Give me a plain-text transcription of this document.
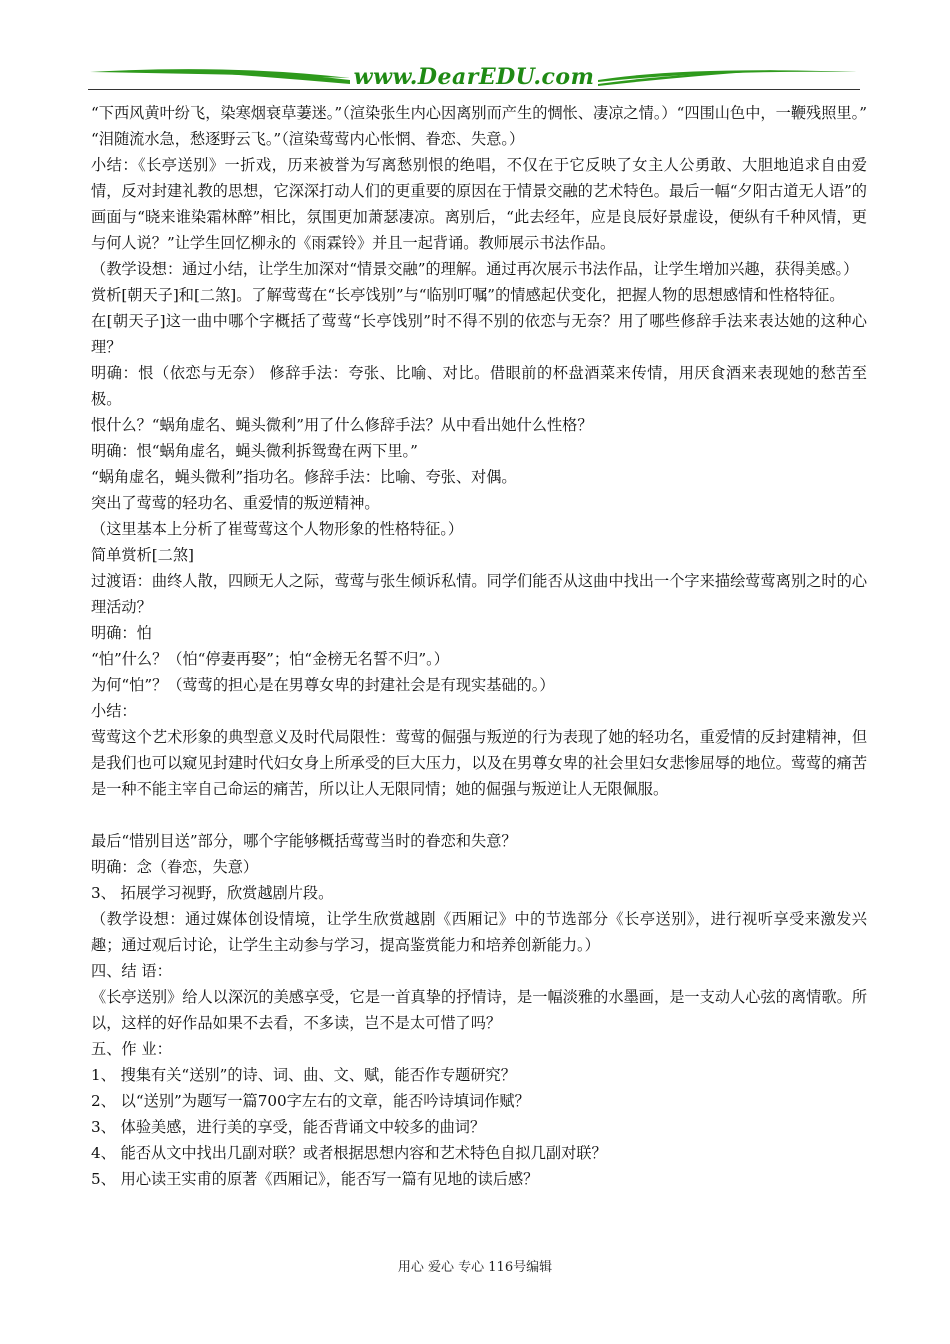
www.DearEDU.com

“下西风黄叶纷飞，染寒烟衰草萋迷。”（渲染张生内心因离别而产生的惆怅、凄凉之情。）“四围山色中，一鞭残照里。” “泪随流水急，愁逐野云飞。”（渲染莺莺内心怅惘、眷恋、失意。）

小结：《长亭送别》一折戏，历来被誉为写离愁别恨的绝唱，不仅在于它反映了女主人公勇敢、大胆地追求自由爱情，反对封建礼教的思想，它深深打动人们的更重要的原因在于情景交融的艺术特色。最后一幅“夕阳古道无人语”的画面与“晓来谁染霜林醉”相比，氛围更加萧瑟凄凉。离别后，“此去经年，应是良辰好景虚设，便纵有千种风情，更与何人说？”让学生回忆柳永的《雨霖铃》并且一起背诵。教师展示书法作品。

（教学设想：通过小结，让学生加深对“情景交融”的理解。通过再次展示书法作品，让学生增加兴趣，获得美感。）

赏析[朝天子]和[二煞]。了解莺莺在“长亭饯别”与“临别叮嘱”的情感起伏变化，把握人物的思想感情和性格特征。

在[朝天子]这一曲中哪个字概括了莺莺“长亭饯别”时不得不别的依恋与无奈？用了哪些修辞手法来表达她的这种心理？

明确：恨（依恋与无奈） 修辞手法：夸张、比喻、对比。借眼前的杯盘酒菜来传情，用厌食酒来表现她的愁苦至极。

恨什么？“蜗角虚名、蝇头微利”用了什么修辞手法？从中看出她什么性格？

明确：恨“蜗角虚名，蝇头微利拆鸳鸯在两下里。”

“蜗角虚名，蝇头微利”指功名。修辞手法：比喻、夸张、对偶。

突出了莺莺的轻功名、重爱情的叛逆精神。

（这里基本上分析了崔莺莺这个人物形象的性格特征。）

简单赏析[二煞]

过渡语：曲终人散，四顾无人之际，莺莺与张生倾诉私情。同学们能否从这曲中找出一个字来描绘莺莺离别之时的心理活动？

明确：怕

“怕”什么？（怕“停妻再娶”；怕“金榜无名誓不归”。）

为何“怕”？（莺莺的担心是在男尊女卑的封建社会是有现实基础的。）

小结：

莺莺这个艺术形象的典型意义及时代局限性：莺莺的倔强与叛逆的行为表现了她的轻功名，重爱情的反封建精神，但是我们也可以窥见封建时代妇女身上所承受的巨大压力，以及在男尊女卑的社会里妇女悲惨屈辱的地位。莺莺的痛苦是一种不能主宰自己命运的痛苦，所以让人无限同情；她的倔强与叛逆让人无限佩服。

最后“惜别目送”部分，哪个字能够概括莺莺当时的眷恋和失意？

明确：念（眷恋，失意）

3、 拓展学习视野，欣赏越剧片段。

（教学设想：通过媒体创设情境，让学生欣赏越剧《西厢记》中的节选部分《长亭送别》，进行视听享受来激发兴趣；通过观后讨论，让学生主动参与学习，提高鉴赏能力和培养创新能力。）

四、结 语：

《长亭送别》给人以深沉的美感享受，它是一首真挚的抒情诗，是一幅淡雅的水墨画，是一支动人心弦的离情歌。所以，这样的好作品如果不去看，不多读，岂不是太可惜了吗？

五、作 业：

1、 搜集有关“送别”的诗、词、曲、文、赋，能否作专题研究？

2、 以“送别”为题写一篇700字左右的文章，能否吟诗填词作赋？

3、 体验美感，进行美的享受，能否背诵文中较多的曲词？

4、 能否从文中找出几副对联？或者根据思想内容和艺术特色自拟几副对联？

5、 用心读王实甫的原著《西厢记》，能否写一篇有见地的读后感？

用心 爱心 专心 116号编辑
